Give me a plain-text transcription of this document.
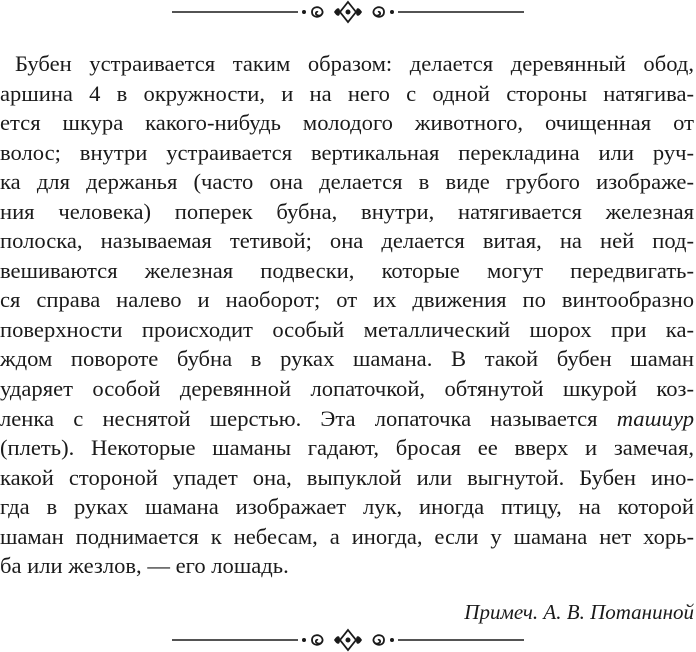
Бубен устраивается таким образом: делается деревянный обод,
аршина 4 в окружности, и на него с одной стороны натягива-
ется шкура какого-нибудь молодого животного, очищенная от
волос; внутри устраивается вертикальная перекладина или руч-
ка для держанья (часто она делается в виде грубого изображе-
ния человека) поперек бубна, внутри, натягивается железная
полоска, называемая тетивой; она делается витая, на ней под-
вешиваются железная подвески, которые могут передвигать-
ся справа налево и наоборот; от их движения по винтообразно
поверхности происходит особый металлический шорох при ка-
ждом повороте бубна в руках шамана. В такой бубен шаман
ударяет особой деревянной лопаточкой, обтянутой шкурой коз-
ленка с неснятой шерстью. Эта лопаточка называется ташиур
(плеть). Некоторые шаманы гадают, бросая ее вверх и замечая,
какой стороной упадет она, выпуклой или выгнутой. Бубен ино-
гда в руках шамана изображает лук, иногда птицу, на которой
шаман поднимается к небесам, а иногда, если у шамана нет хорь-
ба или жезлов, — его лошадь.
Примеч. А. В. Потаниной
